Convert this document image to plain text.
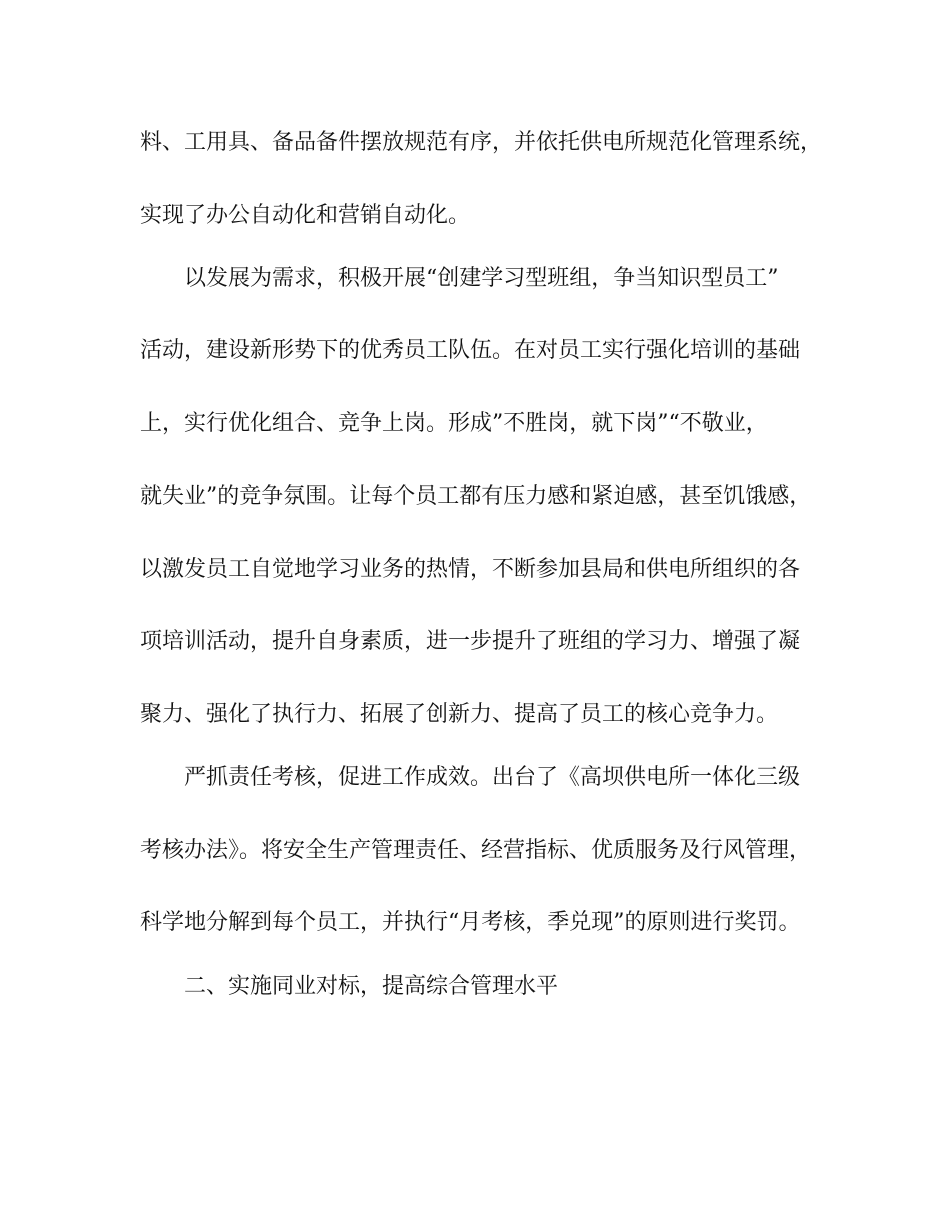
料、工用具、备品备件摆放规范有序，并依托供电所规范化管理系统，

实现了办公自动化和营销自动化。

以发展为需求，积极开展“创建学习型班组，争当知识型员工”

活动，建设新形势下的优秀员工队伍。在对员工实行强化培训的基础

上，实行优化组合、竞争上岗。形成”不胜岗，就下岗”“不敬业，

就失业”的竞争氛围。让每个员工都有压力感和紧迫感，甚至饥饿感，

以激发员工自觉地学习业务的热情，不断参加县局和供电所组织的各

项培训活动，提升自身素质，进一步提升了班组的学习力、增强了凝

聚力、强化了执行力、拓展了创新力、提高了员工的核心竞争力。

严抓责任考核，促进工作成效。出台了《高坝供电所一体化三级

考核办法》。将安全生产管理责任、经营指标、优质服务及行风管理，

科学地分解到每个员工，并执行“月考核，季兑现”的原则进行奖罚。

二、实施同业对标，提高综合管理水平
